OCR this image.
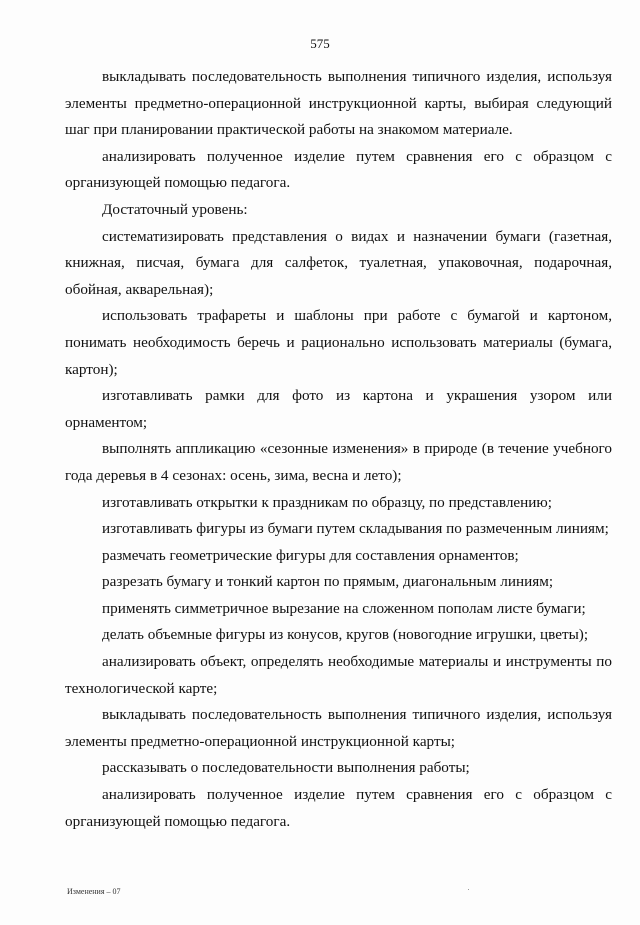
575

выкладывать последовательность выполнения типичного изделия, используя элементы предметно-операционной инструкционной карты, выбирая следующий шаг при планировании практической работы на знакомом материале.

анализировать полученное изделие путем сравнения его с образцом с организующей помощью педагога.

Достаточный уровень:

систематизировать представления о видах и назначении бумаги (газетная, книжная, писчая, бумага для салфеток, туалетная, упаковочная, подарочная, обойная, акварельная);

использовать трафареты и шаблоны при работе с бумагой и картоном, понимать необходимость беречь и рационально использовать материалы (бумага, картон);

изготавливать рамки для фото из картона и украшения узором или орнаментом;

выполнять аппликацию «сезонные изменения» в природе (в течение учебного года деревья в 4 сезонах: осень, зима, весна и лето);

изготавливать открытки к праздникам по образцу, по представлению;

изготавливать фигуры из бумаги путем складывания по размеченным линиям;

размечать геометрические фигуры для составления орнаментов;

разрезать бумагу и тонкий картон по прямым, диагональным линиям;

применять симметричное вырезание на сложенном пополам листе бумаги;

делать объемные фигуры из конусов, кругов (новогодние игрушки, цветы);

анализировать объект, определять необходимые материалы и инструменты по технологической карте;

выкладывать последовательность выполнения типичного изделия, используя элементы предметно-операционной инструкционной карты;

рассказывать о последовательности выполнения работы;

анализировать полученное изделие путем сравнения его с образцом с организующей помощью педагога.

Изменения – 07
